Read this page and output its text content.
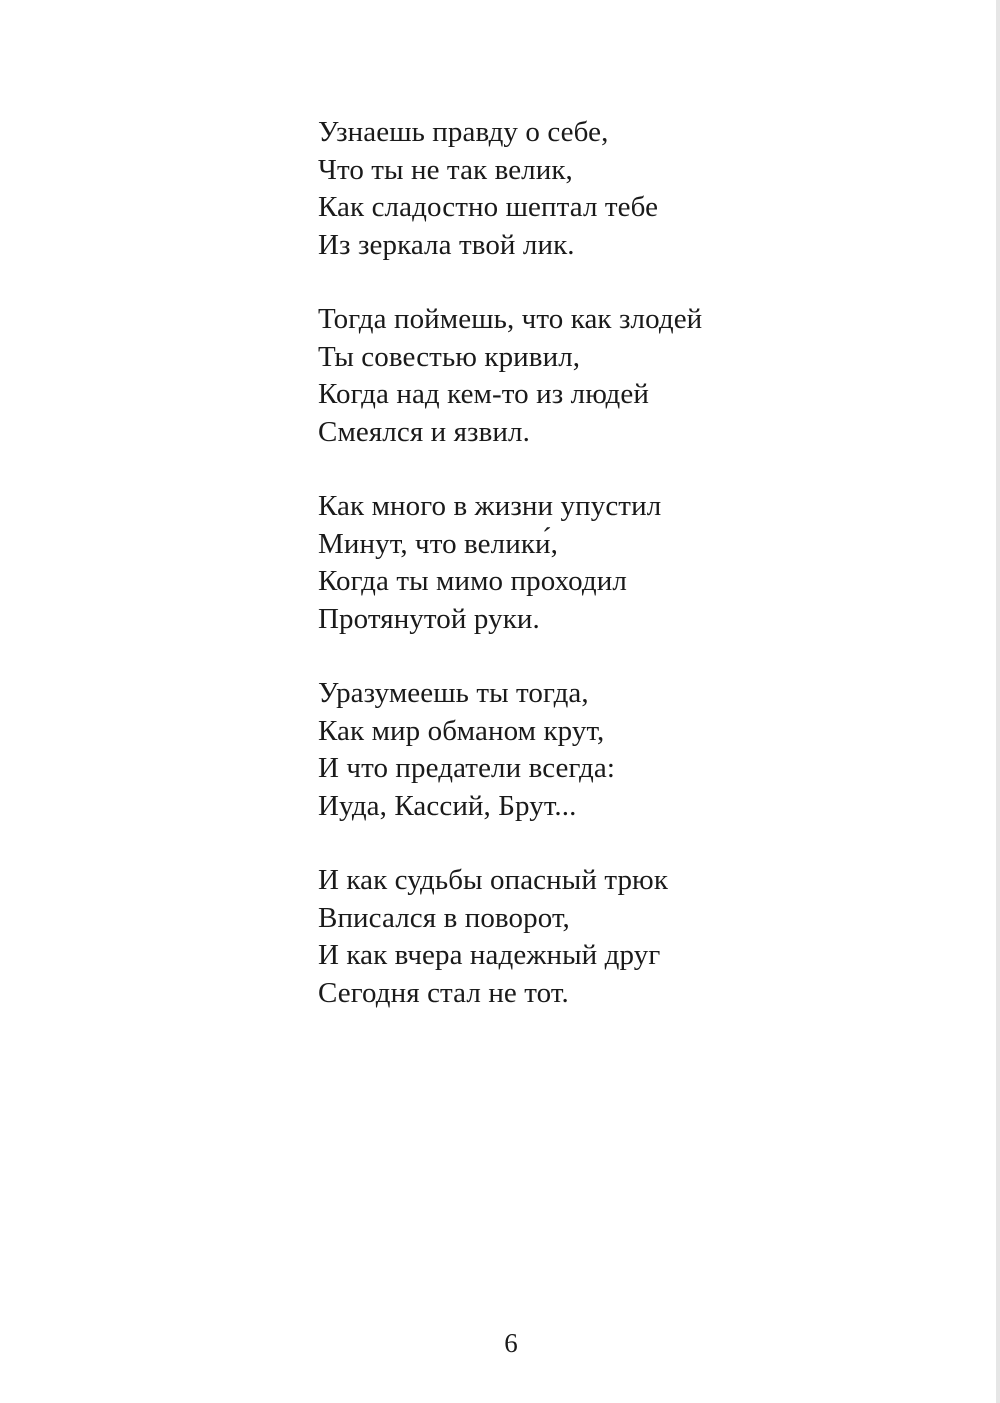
Узнаешь правду о себе,
Что ты не так велик,
Как сладостно шептал тебе
Из зеркала твой лик.
Тогда поймешь, что как злодей
Ты совестью кривил,
Когда над кем-то из людей
Смеялся и язвил.
Как много в жизни упустил
Минут, что велики́,
Когда ты мимо проходил
Протянутой руки.
Уразумеешь ты тогда,
Как мир обманом крут,
И что предатели всегда:
Иуда, Кассий, Брут...
И как судьбы опасный трюк
Вписался в поворот,
И как вчера надежный друг
Сегодня стал не тот.
6
